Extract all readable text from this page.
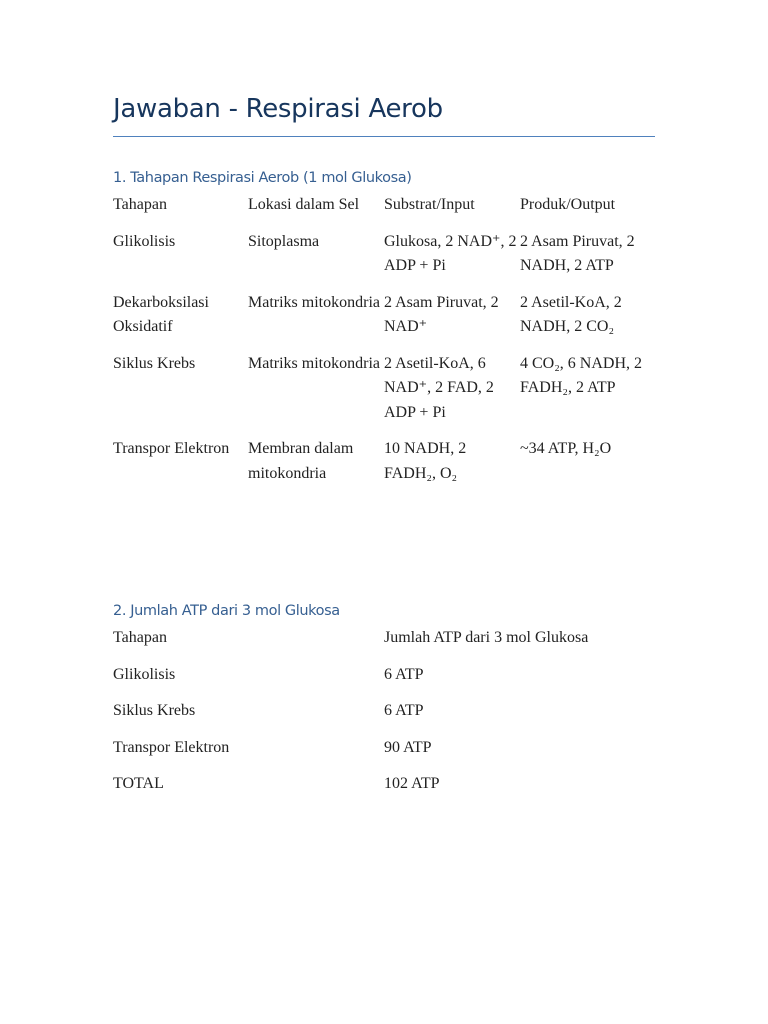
Jawaban - Respirasi Aerob
1. Tahapan Respirasi Aerob (1 mol Glukosa)
Tahapan	Lokasi dalam Sel	Substrat/Input	Produk/Output
Glikolisis	Sitoplasma	Glukosa, 2 NAD⁺, 2 ADP + Pi	2 Asam Piruvat, 2 NADH, 2 ATP
Dekarboksilasi Oksidatif	Matriks mitokondria	2 Asam Piruvat, 2 NAD⁺	2 Asetil-KoA, 2 NADH, 2 CO₂
Siklus Krebs	Matriks mitokondria	2 Asetil-KoA, 6 NAD⁺, 2 FAD, 2 ADP + Pi	4 CO₂, 6 NADH, 2 FADH₂, 2 ATP
Transpor Elektron	Membran dalam mitokondria	10 NADH, 2 FADH₂, O₂	~34 ATP, H₂O
2. Jumlah ATP dari 3 mol Glukosa
Tahapan	Jumlah ATP dari 3 mol Glukosa
Glikolisis	6 ATP
Siklus Krebs	6 ATP
Transpor Elektron	90 ATP
TOTAL	102 ATP
